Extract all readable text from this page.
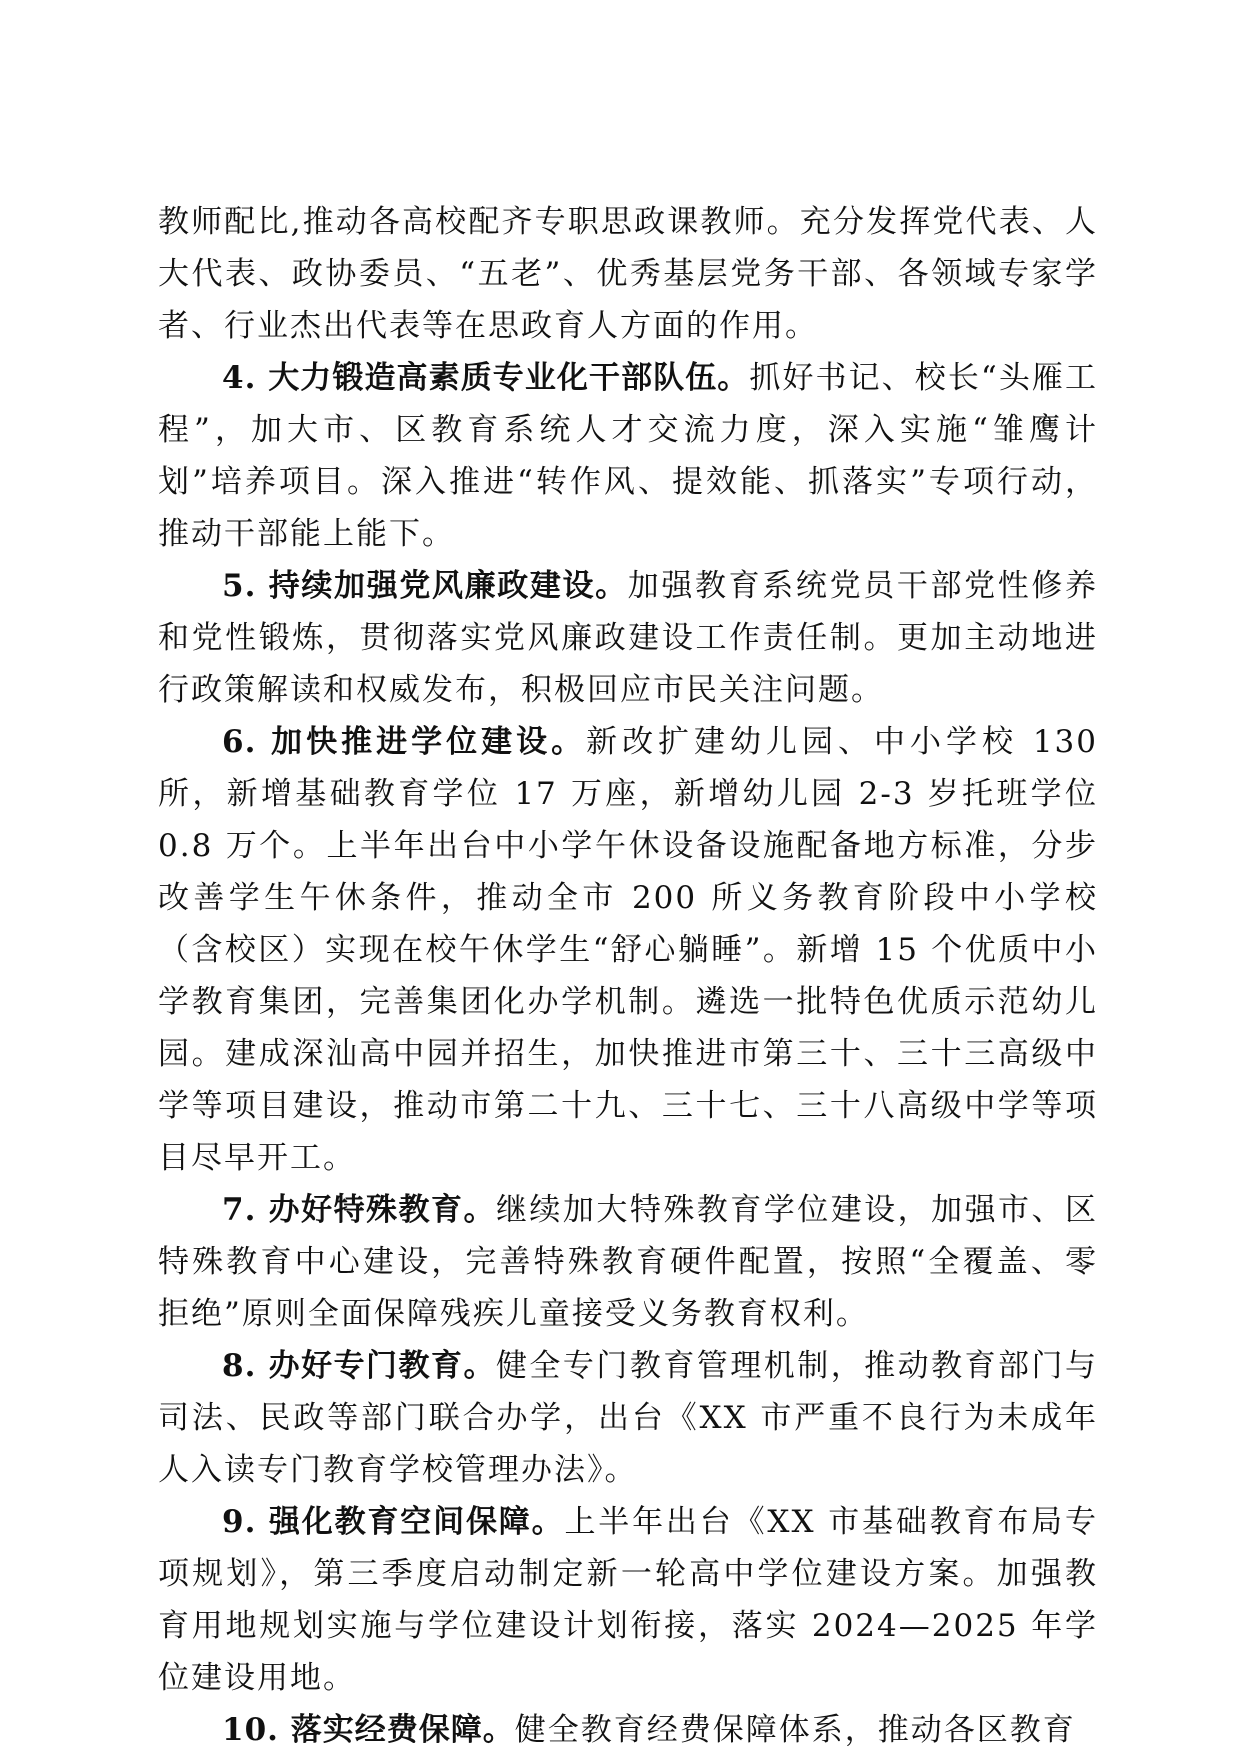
教师配比,推动各高校配齐专职思政课教师。充分发挥党代表、人大代表、政协委员、“五老”、优秀基层党务干部、各领域专家学者、行业杰出代表等在思政育人方面的作用。

4. 大力锻造高素质专业化干部队伍。抓好书记、校长“头雁工程”，加大市、区教育系统人才交流力度，深入实施“雏鹰计划”培养项目。深入推进“转作风、提效能、抓落实”专项行动，推动干部能上能下。

5. 持续加强党风廉政建设。加强教育系统党员干部党性修养和党性锻炼，贯彻落实党风廉政建设工作责任制。更加主动地进行政策解读和权威发布，积极回应市民关注问题。

6. 加快推进学位建设。新改扩建幼儿园、中小学校 130 所，新增基础教育学位 17 万座，新增幼儿园 2-3 岁托班学位 0.8 万个。上半年出台中小学午休设备设施配备地方标准，分步改善学生午休条件，推动全市 200 所义务教育阶段中小学校（含校区）实现在校午休学生“舒心躺睡”。新增 15 个优质中小学教育集团，完善集团化办学机制。遴选一批特色优质示范幼儿园。建成深汕高中园并招生，加快推进市第三十、三十三高级中学等项目建设，推动市第二十九、三十七、三十八高级中学等项目尽早开工。

7. 办好特殊教育。继续加大特殊教育学位建设，加强市、区特殊教育中心建设，完善特殊教育硬件配置，按照“全覆盖、零拒绝”原则全面保障残疾儿童接受义务教育权利。

8. 办好专门教育。健全专门教育管理机制，推动教育部门与司法、民政等部门联合办学，出台《XX 市严重不良行为未成年人入读专门教育学校管理办法》。

9. 强化教育空间保障。上半年出台《XX 市基础教育布局专项规划》，第三季度启动制定新一轮高中学位建设方案。加强教育用地规划实施与学位建设计划衔接，落实 2024—2025 年学位建设用地。

10. 落实经费保障。健全教育经费保障体系，推动各区教育
